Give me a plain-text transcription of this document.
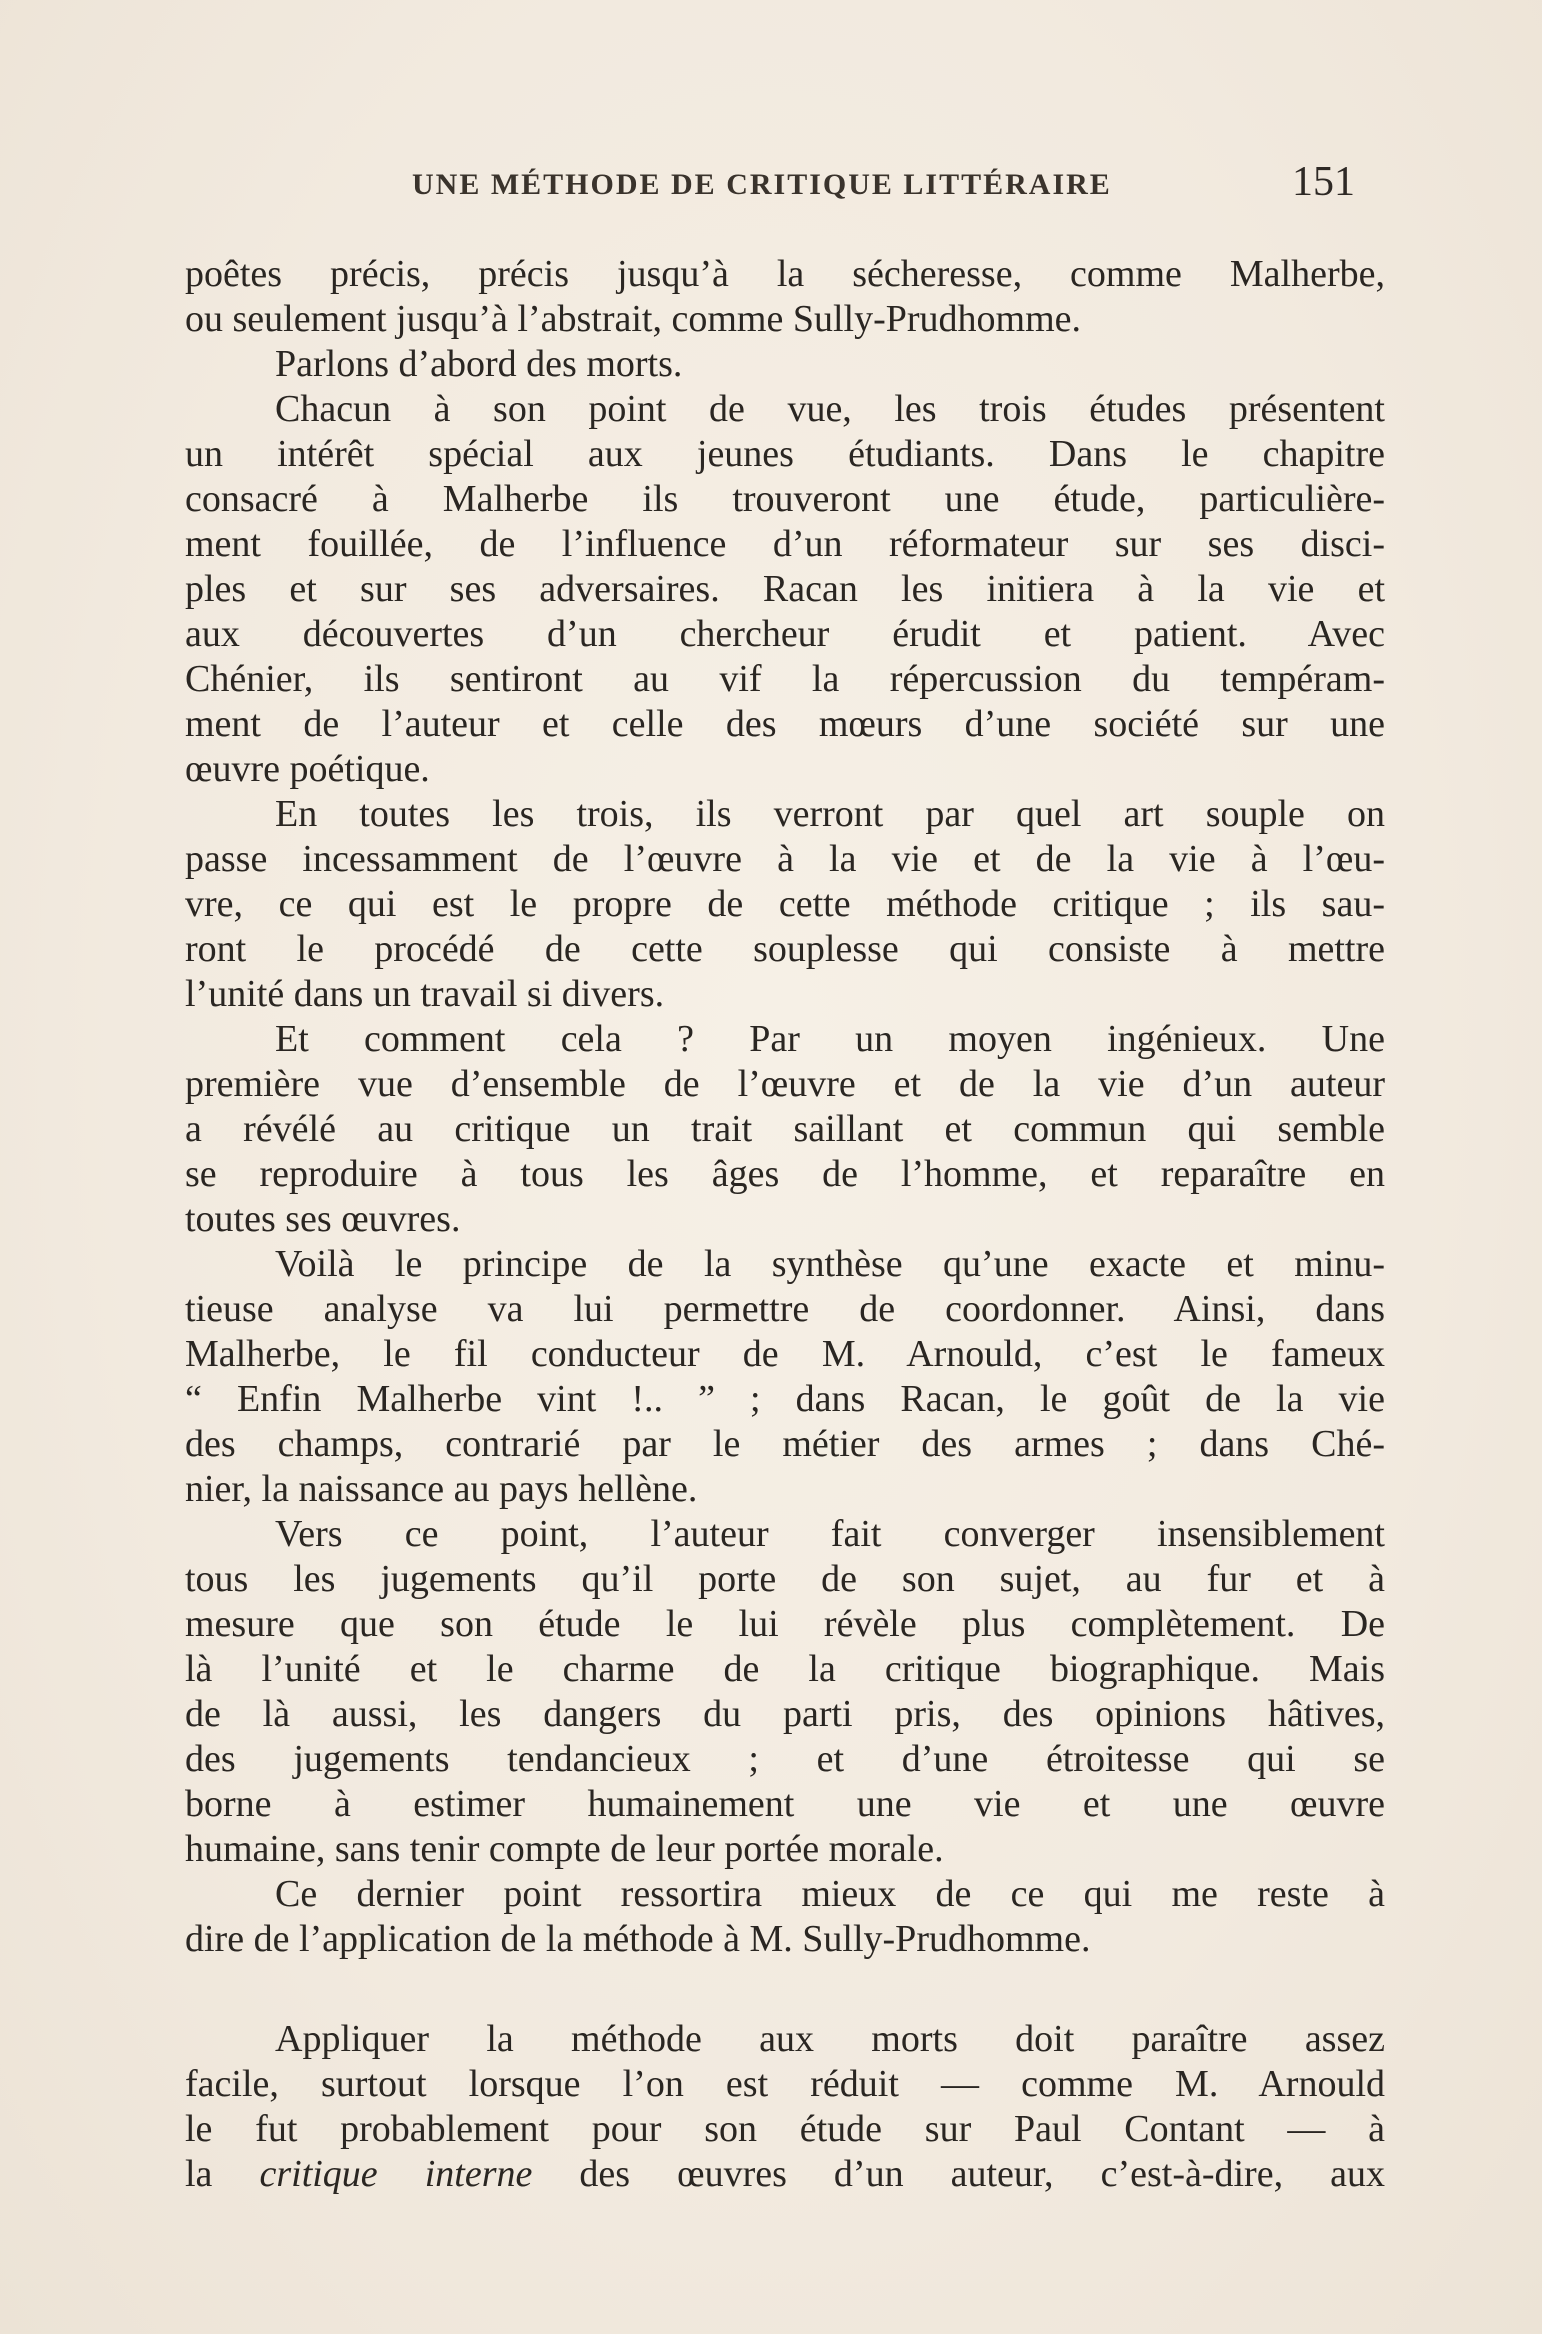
UNE MÉTHODE DE CRITIQUE LITTÉRAIRE	151
poêtes précis, précis jusqu’à la sécheresse, comme Malherbe,
ou seulement jusqu’à l’abstrait, comme Sully-Prudhomme.
Parlons d’abord des morts.
Chacun à son point de vue, les trois études présentent
un intérêt spécial aux jeunes étudiants. Dans le chapitre
consacré à Malherbe ils trouveront une étude, particulière-
ment fouillée, de l’influence d’un réformateur sur ses disci-
ples et sur ses adversaires. Racan les initiera à la vie et
aux découvertes d’un chercheur érudit et patient. Avec
Chénier, ils sentiront au vif la répercussion du tempéram-
ment de l’auteur et celle des mœurs d’une société sur une
œuvre poétique.
En toutes les trois, ils verront par quel art souple on
passe incessamment de l’œuvre à la vie et de la vie à l’œu-
vre, ce qui est le propre de cette méthode critique ; ils sau-
ront le procédé de cette souplesse qui consiste à mettre
l’unité dans un travail si divers.
Et comment cela ? Par un moyen ingénieux. Une
première vue d’ensemble de l’œuvre et de la vie d’un auteur
a révélé au critique un trait saillant et commun qui semble
se reproduire à tous les âges de l’homme, et reparaître en
toutes ses œuvres.
Voilà le principe de la synthèse qu’une exacte et minu-
tieuse analyse va lui permettre de coordonner. Ainsi, dans
Malherbe, le fil conducteur de M. Arnould, c’est le fameux
“ Enfin Malherbe vint !.. ” ; dans Racan, le goût de la vie
des champs, contrarié par le métier des armes ; dans Ché-
nier, la naissance au pays hellène.
Vers ce point, l’auteur fait converger insensiblement
tous les jugements qu’il porte de son sujet, au fur et à
mesure que son étude le lui révèle plus complètement. De
là l’unité et le charme de la critique biographique. Mais
de là aussi, les dangers du parti pris, des opinions hâtives,
des jugements tendancieux ; et d’une étroitesse qui se
borne à estimer humainement une vie et une œuvre
humaine, sans tenir compte de leur portée morale.
Ce dernier point ressortira mieux de ce qui me reste à
dire de l’application de la méthode à M. Sully-Prudhomme.
Appliquer la méthode aux morts doit paraître assez
facile, surtout lorsque l’on est réduit — comme M. Arnould
le fut probablement pour son étude sur Paul Contant — à
la critique interne des œuvres d’un auteur, c’est-à-dire, aux
